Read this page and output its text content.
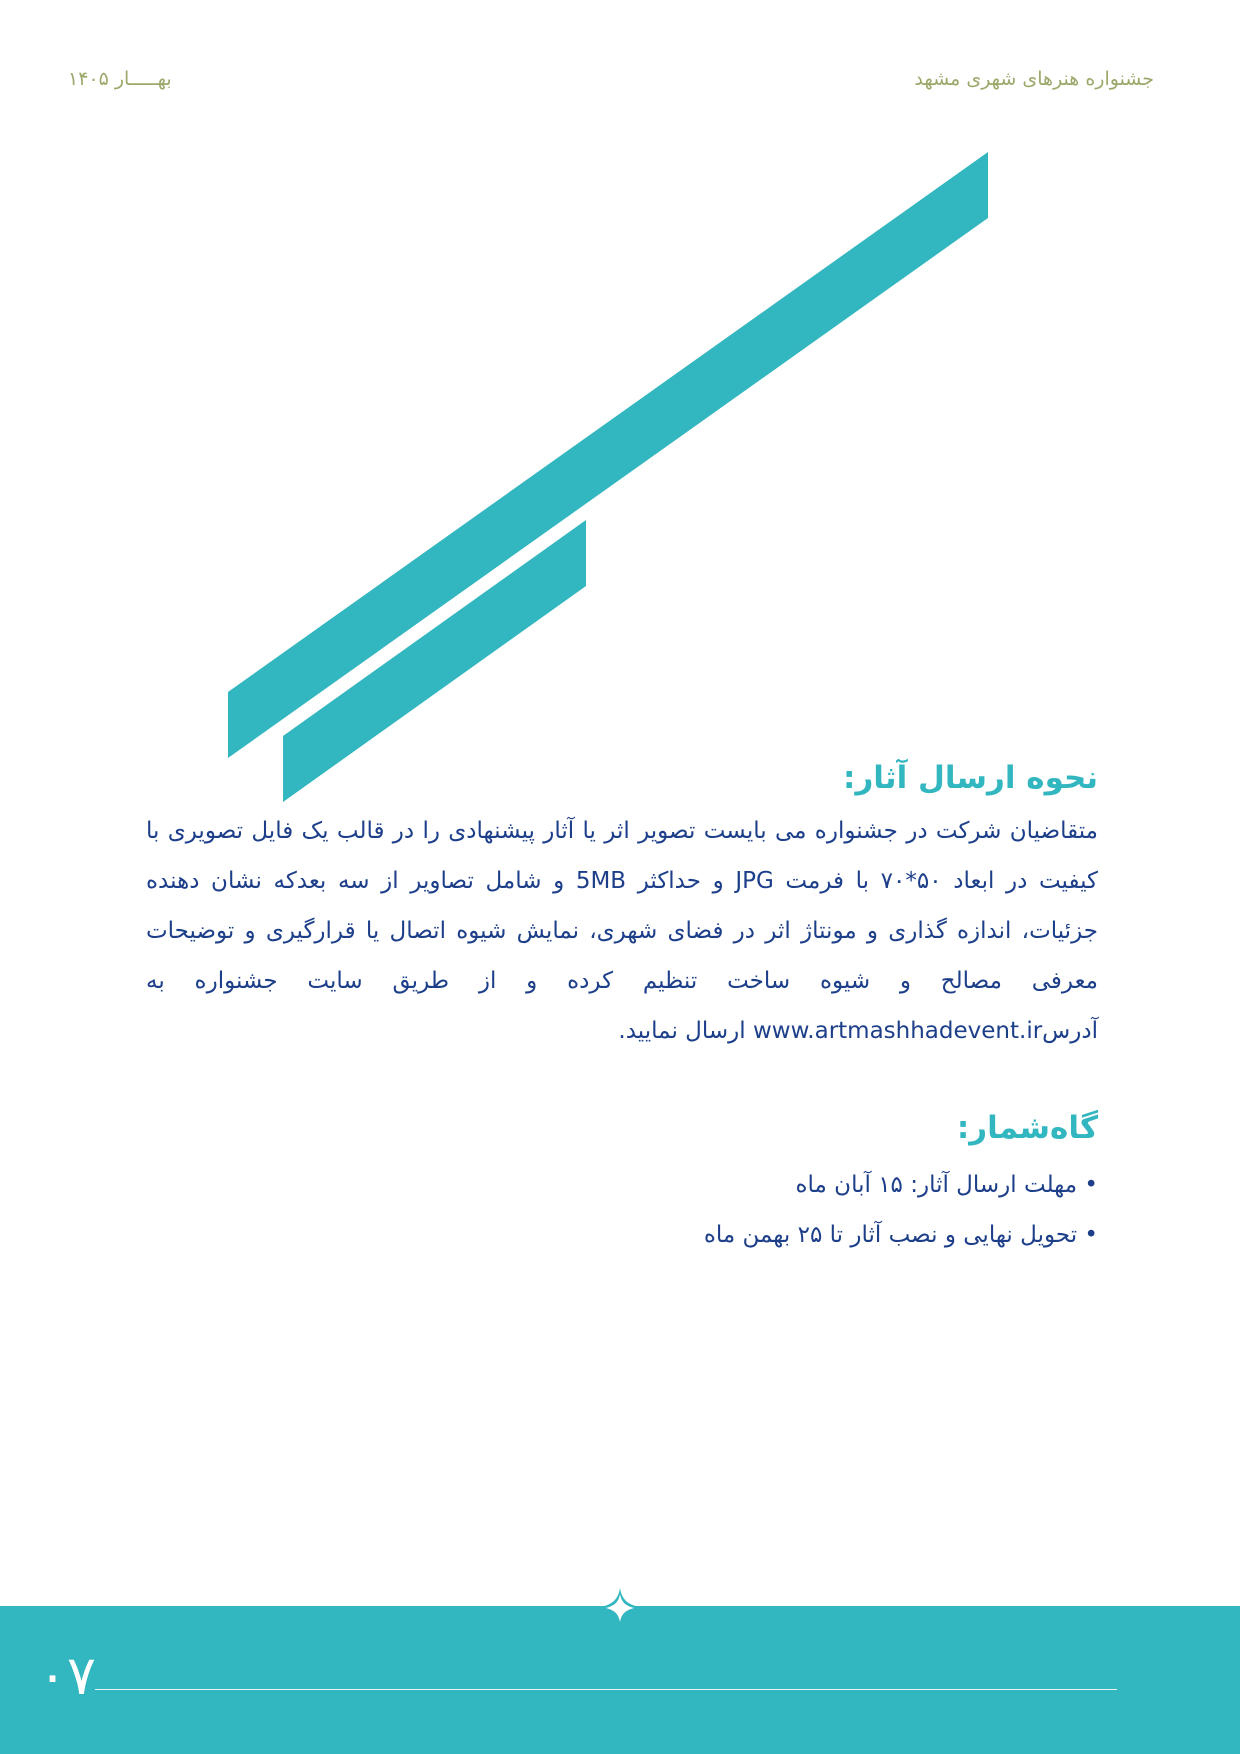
جشنواره هنرهای شهری مشهد
بهـــــار ۱۴۰۵
نحوه ارسال آثار:

متقاضیان شرکت در جشنواره می بایست تصویر اثر یا آثار پیشنهادی را در قالب یک فایل تصویری با کیفیت در ابعاد ۵۰*۷۰ با فرمت JPG و حداکثر 5MB و شامل تصاویر از سه بعدکه نشان دهنده جزئیات، اندازه گذاری و مونتاژ اثر در فضای شهری، نمایش شیوه اتصال یا قرارگیری و توضیحات معرفی مصالح و شیوه ساخت تنظیم کرده و از طریق سایت جشنواره به آدرسwww.artmashhadevent.ir ارسال نمایید.

گاه‌شمار:
• مهلت ارسال آثار: ۱۵ آبان ماه
• تحویل نهایی و نصب آثار تا ۲۵ بهمن ماه
۰۷
